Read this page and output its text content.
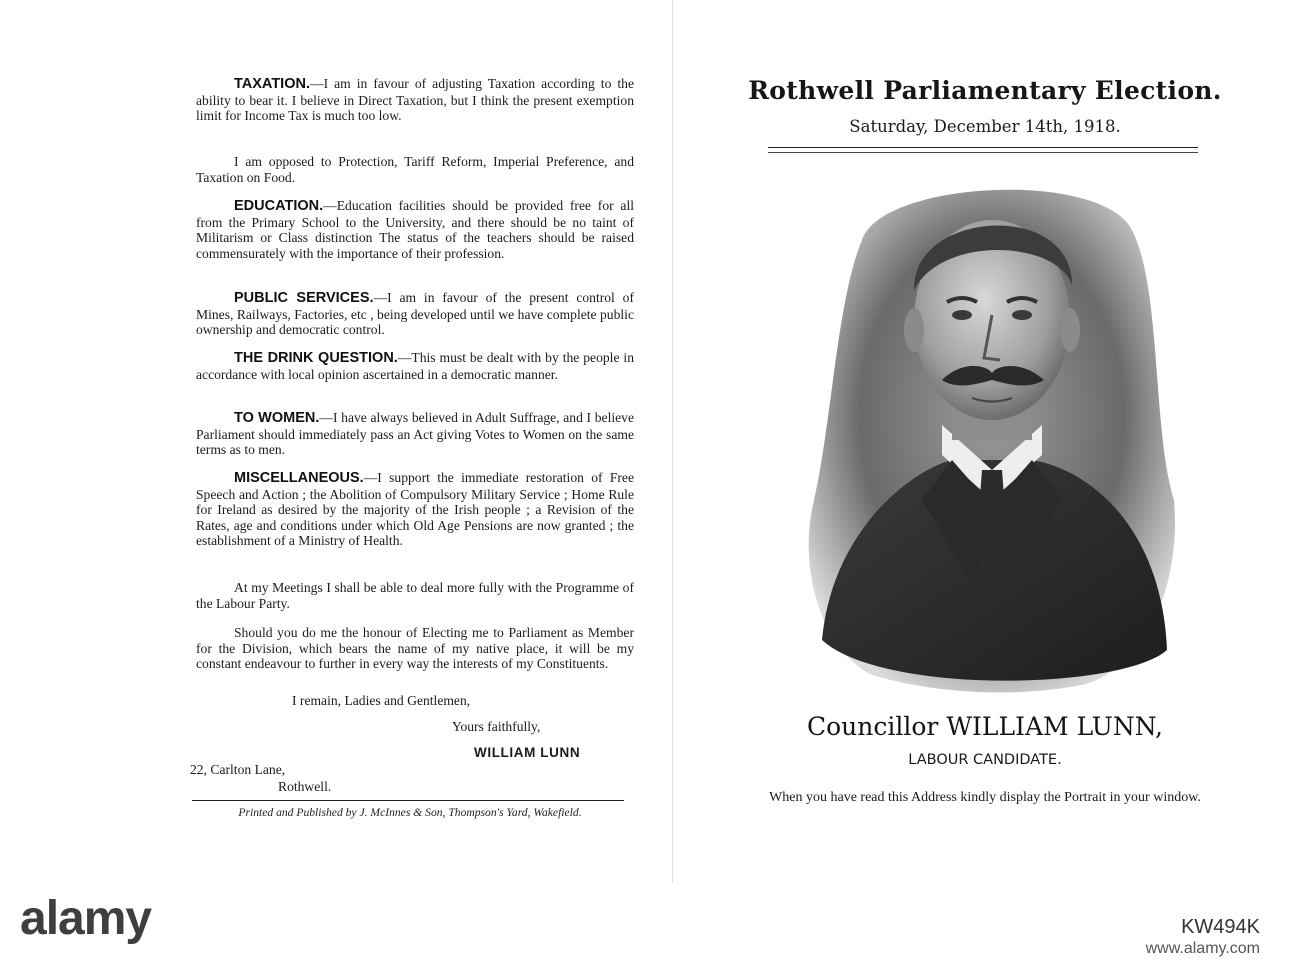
TAXATION.—I am in favour of adjusting Taxation according to the ability to bear it. I believe in Direct Taxation, but I think the present exemption limit for Income Tax is much too low.

I am opposed to Protection, Tariff Reform, Imperial Preference, and Taxation on Food.

EDUCATION.—Education facilities should be provided free for all from the Primary School to the University, and there should be no taint of Militarism or Class distinction The status of the teachers should be raised commensurately with the importance of their profession.

PUBLIC SERVICES.—I am in favour of the present control of Mines, Railways, Factories, etc , being developed until we have complete public ownership and democratic control.

THE DRINK QUESTION.—This must be dealt with by the people in accordance with local opinion ascertained in a democratic manner.

TO WOMEN.—I have always believed in Adult Suffrage, and I believe Parliament should immediately pass an Act giving Votes to Women on the same terms as to men.

MISCELLANEOUS.—I support the immediate restoration of Free Speech and Action ; the Abolition of Compulsory Military Service ; Home Rule for Ireland as desired by the majority of the Irish people ; a Revision of the Rates, age and conditions under which Old Age Pensions are now granted ; the establishment of a Ministry of Health.

At my Meetings I shall be able to deal more fully with the Programme of the Labour Party.

Should you do me the honour of Electing me to Parliament as Member for the Division, which bears the name of my native place, it will be my constant endeavour to further in every way the interests of my Constituents.

I remain, Ladies and Gentlemen,
Yours faithfully,
WILLIAM LUNN
22, Carlton Lane,
Rothwell.
Printed and Published by J. McInnes & Son, Thompson's Yard, Wakefield.
Rothwell Parliamentary Election.
Saturday, December 14th, 1918.
Councillor WILLIAM LUNN,
LABOUR CANDIDATE.
When you have read this Address kindly display the Portrait in your window.
alamy	KW494K
www.alamy.com
